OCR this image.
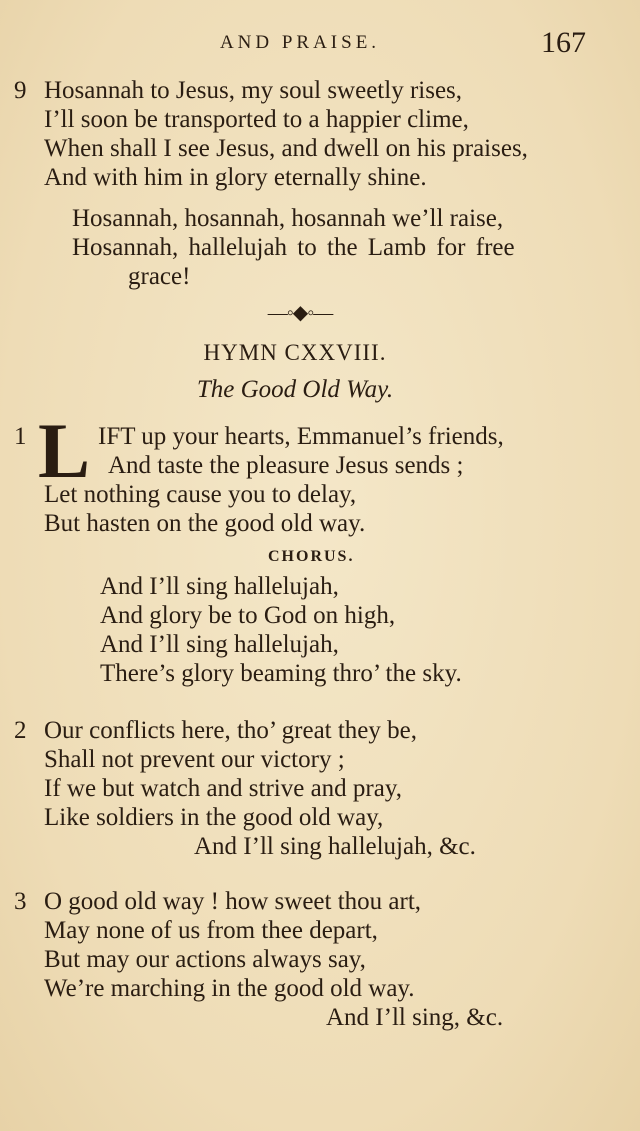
AND PRAISE.	167
9 Hosannah to Jesus, my soul sweetly rises,
I’ll soon be transported to a happier clime,
When shall I see Jesus, and dwell on his praises,
And with him in glory eternally shine.
Hosannah, hosannah, hosannah we’ll raise,
Hosannah, hallelujah to the Lamb for free
grace!
—◦◆◦—
HYMN CXXVIII.
The Good Old Way.
1 L IFT up your hearts, Emmanuel’s friends,
And taste the pleasure Jesus sends ;
Let nothing cause you to delay,
But hasten on the good old way.
CHORUS.
And I’ll sing hallelujah,
And glory be to God on high,
And I’ll sing hallelujah,
There’s glory beaming thro’ the sky.
2 Our conflicts here, tho’ great they be,
Shall not prevent our victory ;
If we but watch and strive and pray,
Like soldiers in the good old way,
And I’ll sing hallelujah, &c.
3 O good old way ! how sweet thou art,
May none of us from thee depart,
But may our actions always say,
We’re marching in the good old way.
And I’ll sing, &c.
